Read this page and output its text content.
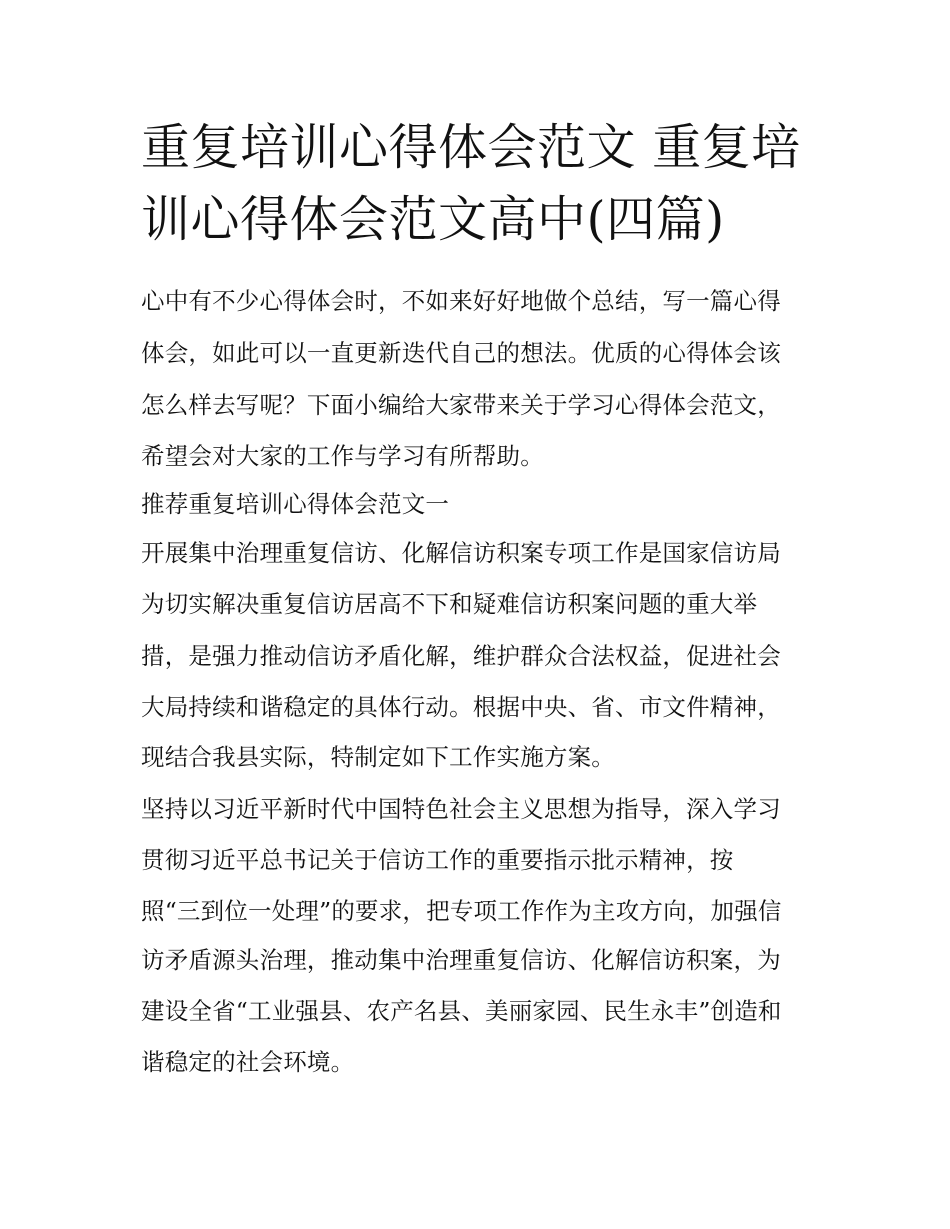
重复培训心得体会范文 重复培
训心得体会范文高中(四篇)

心中有不少心得体会时，不如来好好地做个总结，写一篇心得

体会，如此可以一直更新迭代自己的想法。优质的心得体会该

怎么样去写呢？下面小编给大家带来关于学习心得体会范文，

希望会对大家的工作与学习有所帮助。

推荐重复培训心得体会范文一

开展集中治理重复信访、化解信访积案专项工作是国家信访局

为切实解决重复信访居高不下和疑难信访积案问题的重大举

措，是强力推动信访矛盾化解，维护群众合法权益，促进社会

大局持续和谐稳定的具体行动。根据中央、省、市文件精神，

现结合我县实际，特制定如下工作实施方案。

坚持以习近平新时代中国特色社会主义思想为指导，深入学习

贯彻习近平总书记关于信访工作的重要指示批示精神，按

照“三到位一处理”的要求，把专项工作作为主攻方向，加强信

访矛盾源头治理，推动集中治理重复信访、化解信访积案，为

建设全省“工业强县、农产名县、美丽家园、民生永丰”创造和

谐稳定的社会环境。
